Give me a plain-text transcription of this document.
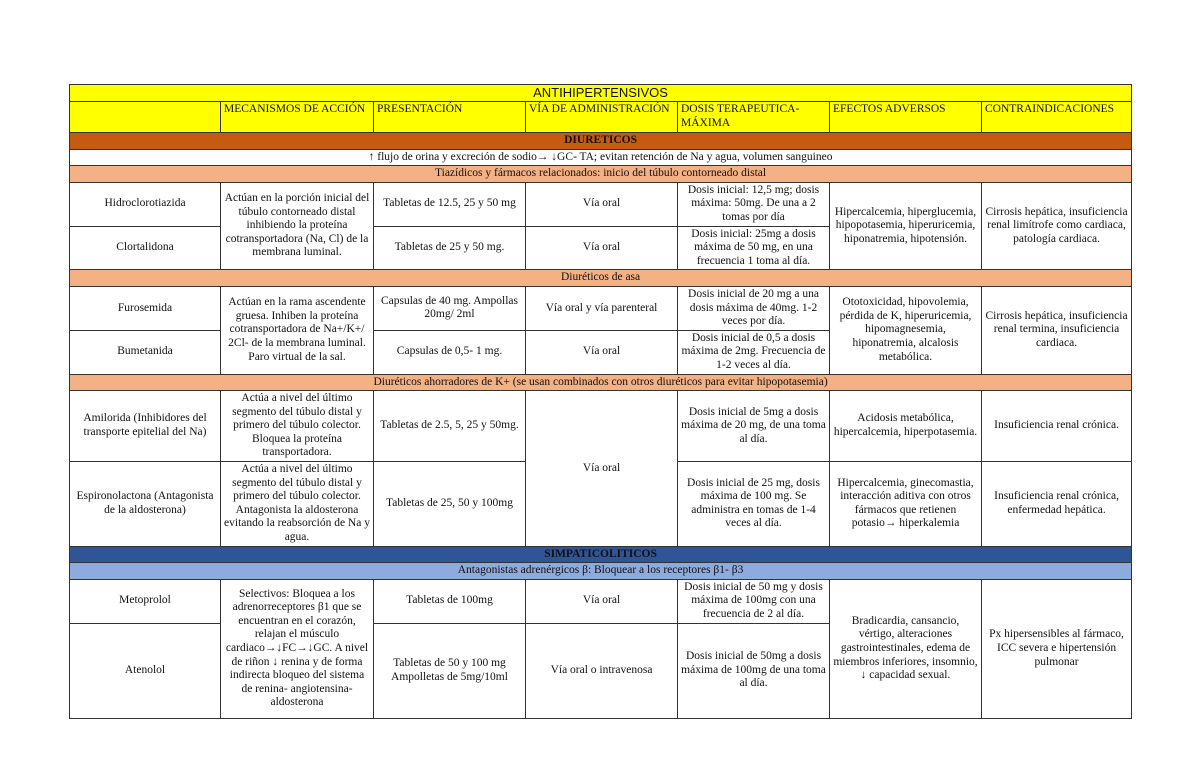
ANTIHIPERTENSIVOS						
	MECANISMOS DE ACCIÓN	PRESENTACIÓN	VÍA DE ADMINISTRACIÓN	DOSIS TERAPEUTICA-MÁXIMA	EFECTOS ADVERSOS	CONTRAINDICACIONES
DIURETICOS						
↑ flujo de orina y excreción de sodio→ ↓GC- TA; evitan retención de Na y agua, volumen sanguineo						
Tiazídicos y fármacos relacionados: inicio del túbulo contorneado distal						
Hidroclorotiazida	Actúan en la porción inicial del túbulo contorneado distal inhibiendo la proteína cotransportadora (Na, Cl) de la membrana luminal.	Tabletas de 12.5, 25 y 50 mg	Vía oral	Dosis inicial: 12,5 mg; dosis máxima: 50mg. De una a 2 tomas por día	Hipercalcemia, hiperglucemia, hipopotasemia, hiperuricemia, hiponatremia, hipotensión.	Cirrosis hepática, insuficiencia renal limítrofe como cardiaca, patología cardiaca.
Clortalidona		Tabletas de 25 y 50 mg.	Vía oral	Dosis inicial: 25mg a dosis máxima de 50 mg, en una frecuencia 1 toma al día.		
Diuréticos de asa						
Furosemida	Actúan en la rama ascendente gruesa. Inhiben la proteína cotransportadora de Na+/K+/ 2Cl- de la membrana luminal. Paro virtual de la sal.	Capsulas de 40 mg. Ampollas 20mg/ 2ml	Vía oral y vía parenteral	Dosis inicial de 20 mg a una dosis máxima de 40mg. 1-2 veces por día.	Ototoxicidad, hipovolemia, pérdida de K, hiperuricemia, hipomagnesemia, hiponatremia, alcalosis metabólica.	Cirrosis hepática, insuficiencia renal termina, insuficiencia cardiaca.
Bumetanida		Capsulas de 0,5- 1 mg.	Vía oral	Dosis inicial de 0,5 a dosis máxima de 2mg. Frecuencia de 1-2 veces al día.		
Diuréticos ahorradores de K+ (se usan combinados con otros diuréticos para evitar hipopotasemia)						
Amilorida (Inhibidores del transporte epitelial del Na)	Actúa a nivel del último segmento del túbulo distal y primero del túbulo colector. Bloquea la proteína transportadora.	Tabletas de 2.5, 5, 25 y 50mg.	Vía oral	Dosis inicial de 5mg a dosis máxima de 20 mg, de una toma al día.	Acidosis metabólica, hipercalcemia, hiperpotasemia.	Insuficiencia renal crónica.
Espironolactona (Antagonista de la aldosterona)	Actúa a nivel del último segmento del túbulo distal y primero del túbulo colector. Antagonista la aldosterona evitando la reabsorción de Na y agua.	Tabletas de 25, 50 y 100mg		Dosis inicial de 25 mg, dosis máxima de 100 mg. Se administra en tomas de 1-4 veces al día.	Hipercalcemia, ginecomastia, interacción aditiva con otros fármacos que retienen potasio→ hiperkalemia	Insuficiencia renal crónica, enfermedad hepática.
SIMPATICOLITICOS						
Antagonistas adrenérgicos β: Bloquear a los receptores β1- β3						
Metoprolol	Selectivos: Bloquea a los adrenorreceptores β1 que se encuentran en el corazón, relajan el músculo cardiaco→↓FC→↓GC. A nivel de riñon ↓ renina y de forma indirecta bloqueo del sistema de renina- angiotensina- aldosterona	Tabletas de 100mg	Vía oral	Dosis inicial de 50 mg y dosis máxima de 100mg con una frecuencia de 2 al día.	Bradicardia, cansancio, vértigo, alteraciones gastrointestinales, edema de miembros inferiores, insomnio, ↓ capacidad sexual.	Px hipersensibles al fármaco, ICC severa e hipertensión pulmonar
Atenolol		Tabletas de 50 y 100 mg Ampolletas de 5mg/10ml	Vía oral o intravenosa	Dosis inicial de 50mg a dosis máxima de 100mg de una toma al día.		
